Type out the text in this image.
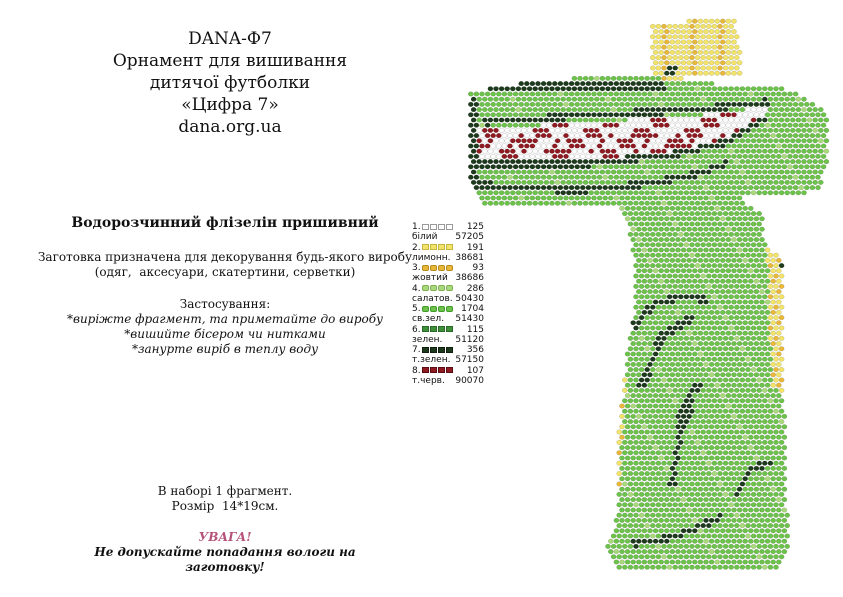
DANA-Ф7
Орнамент для вишивання
дитячої футболки
«Цифра 7»
dana.org.ua
Водорозчинний флізелін пришивний
Заготовка призначена для декорування будь-якого виробу
(одяг,  аксесуари, скатертини, серветки)
Застосування:
*виріжте фрагмент, та приметайте до виробу
*вишийте бісером чи нитками
*занурте виріб в теплу воду
В наборі 1 фрагмент.
Розмір  14*19см.
УВАГА!
Не допускайте попадання вологи на заготовку!
1.	125
білий 57205
2.	191
лимонн. 38681
3.	93
жовтий 38686
4.	286
салатов. 50430
5.	1704
св.зел. 51430
6.	115
зелен. 51120
7.	356
т.зелен. 57150
8.	107
т.черв. 90070
